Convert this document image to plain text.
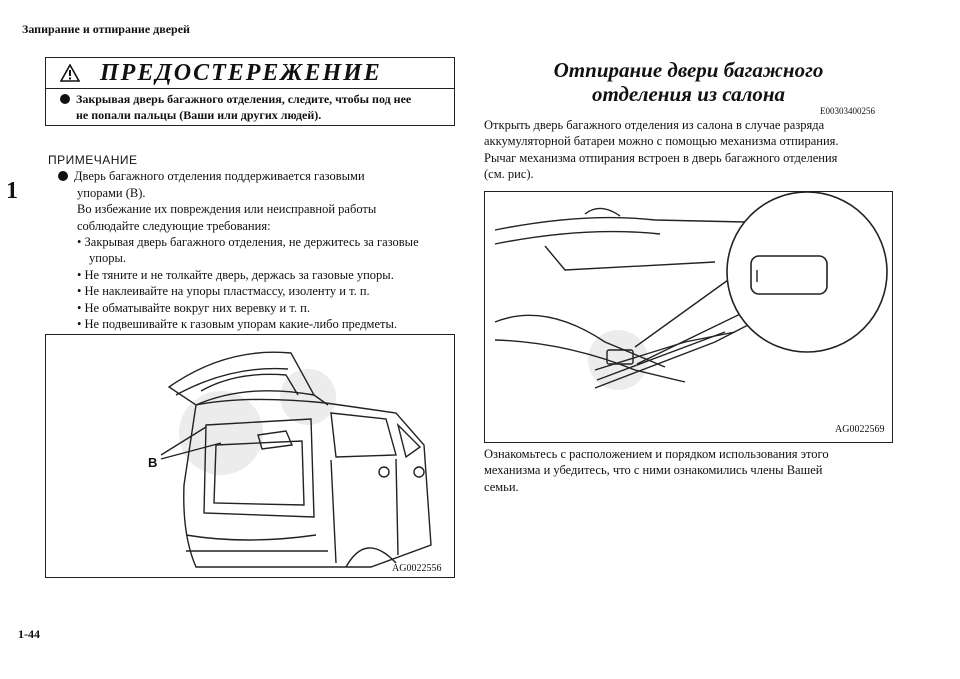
Запирание и отпирание дверей
1
1-44
ПРЕДОСТЕРЕЖЕНИЕ
Закрывая дверь багажного отделения, следите, чтобы под нее
не попали пальцы (Ваши или других людей).
ПРИМЕЧАНИЕ
Дверь багажного отделения поддерживается газовыми
упорами (B).
Во избежание их повреждения или неисправной работы
соблюдайте следующие требования:
• Закрывая дверь багажного отделения, не держитесь за газовые
упоры.
• Не тяните и не толкайте дверь, держась за газовые упоры.
• Не наклеивайте на упоры пластмассу, изоленту и т. п.
• Не обматывайте вокруг них веревку и т. п.
• Не подвешивайте к газовым упорам какие-либо предметы.
B
AG0022556
Отпирание двери багажного
отделения из салона
E00303400256
Открыть дверь багажного отделения из салона в случае разряда
аккумуляторной батареи можно с помощью механизма отпирания.
Рычаг механизма отпирания встроен в дверь багажного отделения
(см. рис).
AG0022569
Ознакомьтесь с расположением и порядком использования этого
механизма и убедитесь, что с ними ознакомились члены Вашей
семьи.
